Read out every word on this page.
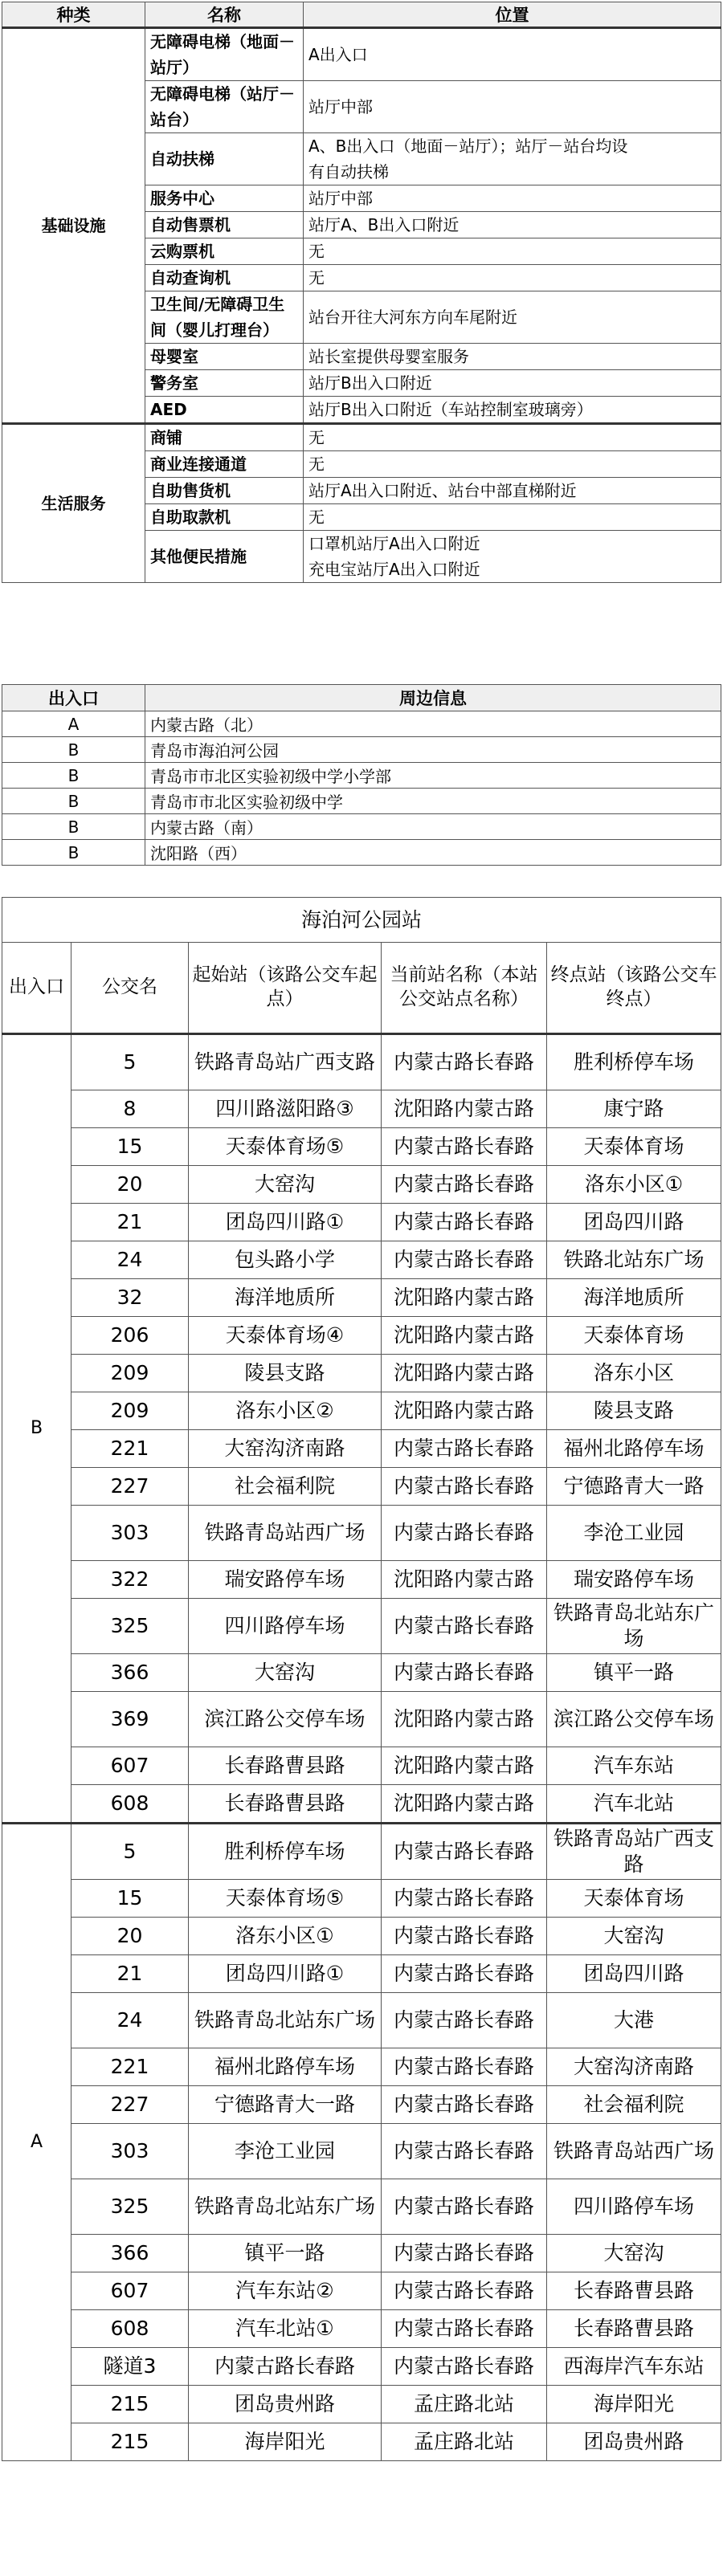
种类	名称	位置
基础设施	无障碍电梯（地面－站厅）	A出入口

	无障碍电梯（站厅－站台）	站厅中部

	自动扶梯	A、B出入口（地面－站厅）；站厅－站台均设
有自动扶梯

	服务中心	站厅中部

	自动售票机	站厅A、B出入口附近

	云购票机	无

	自动查询机	无

	卫生间/无障碍卫生间（婴儿打理台）	站台开往大河东方向车尾附近

	母婴室	站长室提供母婴室服务

	警务室	站厅B出入口附近

	AED	站厅B出入口附近（车站控制室玻璃旁）

生活服务	商铺	无

	商业连接通道	无

	自助售货机	站厅A出入口附近、站台中部直梯附近

	自助取款机	无

	其他便民措施	口罩机站厅A出入口附近
充电宝站厅A出入口附近
出入口	周边信息
A	内蒙古路（北）
B	青岛市海泊河公园
B	青岛市市北区实验初级中学小学部
B	青岛市市北区实验初级中学
B	内蒙古路（南）
B	沈阳路（西）
海泊河公园站				
出入口	公交名	起始站（该路公交车起点）	当前站名称（本站公交站点名称）	终点站（该路公交车终点）
B	5	铁路青岛站广西支路	内蒙古路长春路	胜利桥停车场
	8	四川路滋阳路③	沈阳路内蒙古路	康宁路
	15	天泰体育场⑤	内蒙古路长春路	天泰体育场
	20	大窑沟	内蒙古路长春路	洛东小区①
	21	团岛四川路①	内蒙古路长春路	团岛四川路
	24	包头路小学	内蒙古路长春路	铁路北站东广场
	32	海洋地质所	沈阳路内蒙古路	海洋地质所
	206	天泰体育场④	沈阳路内蒙古路	天泰体育场
	209	陵县支路	沈阳路内蒙古路	洛东小区
	209	洛东小区②	沈阳路内蒙古路	陵县支路
	221	大窑沟济南路	内蒙古路长春路	福州北路停车场
	227	社会福利院	内蒙古路长春路	宁德路青大一路
	303	铁路青岛站西广场	内蒙古路长春路	李沧工业园
	322	瑞安路停车场	沈阳路内蒙古路	瑞安路停车场
	325	四川路停车场	内蒙古路长春路	铁路青岛北站东广场
	366	大窑沟	内蒙古路长春路	镇平一路
	369	滨江路公交停车场	沈阳路内蒙古路	滨江路公交停车场
	607	长春路曹县路	沈阳路内蒙古路	汽车东站
	608	长春路曹县路	沈阳路内蒙古路	汽车北站
A	5	胜利桥停车场	内蒙古路长春路	铁路青岛站广西支路
	15	天泰体育场⑤	内蒙古路长春路	天泰体育场
	20	洛东小区①	内蒙古路长春路	大窑沟
	21	团岛四川路①	内蒙古路长春路	团岛四川路
	24	铁路青岛北站东广场	内蒙古路长春路	大港
	221	福州北路停车场	内蒙古路长春路	大窑沟济南路
	227	宁德路青大一路	内蒙古路长春路	社会福利院
	303	李沧工业园	内蒙古路长春路	铁路青岛站西广场
	325	铁路青岛北站东广场	内蒙古路长春路	四川路停车场
	366	镇平一路	内蒙古路长春路	大窑沟
	607	汽车东站②	内蒙古路长春路	长春路曹县路
	608	汽车北站①	内蒙古路长春路	长春路曹县路
	隧道3	内蒙古路长春路	内蒙古路长春路	西海岸汽车东站
	215	团岛贵州路	孟庄路北站	海岸阳光
	215	海岸阳光	孟庄路北站	团岛贵州路
